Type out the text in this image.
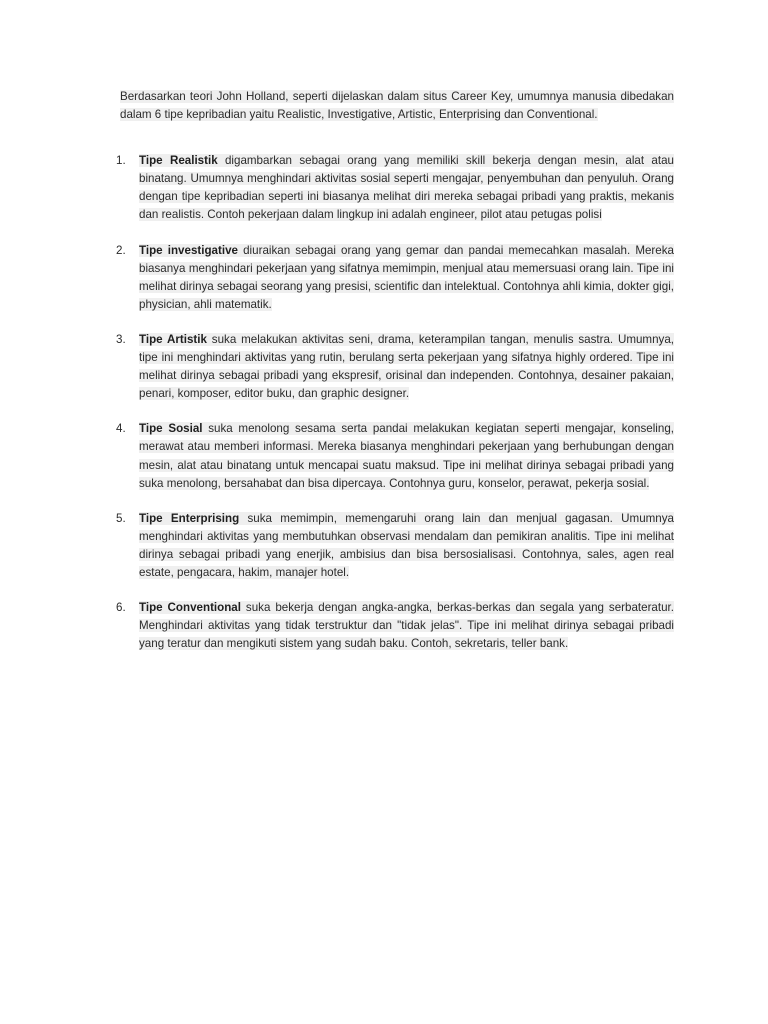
Berdasarkan teori John Holland, seperti dijelaskan dalam situs Career Key, umumnya manusia dibedakan dalam 6 tipe kepribadian yaitu Realistic, Investigative, Artistic, Enterprising dan Conventional.

1.	Tipe Realistik digambarkan sebagai orang yang memiliki skill bekerja dengan mesin, alat atau binatang. Umumnya menghindari aktivitas sosial seperti mengajar, penyembuhan dan penyuluh. Orang dengan tipe kepribadian seperti ini biasanya melihat diri mereka sebagai pribadi yang praktis, mekanis dan realistis. Contoh pekerjaan dalam lingkup ini adalah engineer, pilot atau petugas polisi
2.	Tipe investigative diuraikan sebagai orang yang gemar dan pandai memecahkan masalah. Mereka biasanya menghindari pekerjaan yang sifatnya memimpin, menjual atau memersuasi orang lain. Tipe ini melihat dirinya sebagai seorang yang presisi, scientific dan intelektual. Contohnya ahli kimia, dokter gigi, physician, ahli matematik.
3.	Tipe Artistik suka melakukan aktivitas seni, drama, keterampilan tangan, menulis sastra. Umumnya, tipe ini menghindari aktivitas yang rutin, berulang serta pekerjaan yang sifatnya highly ordered. Tipe ini melihat dirinya sebagai pribadi yang ekspresif, orisinal dan independen. Contohnya, desainer pakaian, penari, komposer, editor buku, dan graphic designer.
4.	Tipe Sosial suka menolong sesama serta pandai melakukan kegiatan seperti mengajar, konseling, merawat atau memberi informasi. Mereka biasanya menghindari pekerjaan yang berhubungan dengan mesin, alat atau binatang untuk mencapai suatu maksud. Tipe ini melihat dirinya sebagai pribadi yang suka menolong, bersahabat dan bisa dipercaya. Contohnya guru, konselor, perawat, pekerja sosial.
5.	Tipe Enterprising suka memimpin, memengaruhi orang lain dan menjual gagasan. Umumnya menghindari aktivitas yang membutuhkan observasi mendalam dan pemikiran analitis. Tipe ini melihat dirinya sebagai pribadi yang enerjik, ambisius dan bisa bersosialisasi. Contohnya, sales, agen real estate, pengacara, hakim, manajer hotel.
6.	Tipe Conventional suka bekerja dengan angka-angka, berkas-berkas dan segala yang serbateratur. Menghindari aktivitas yang tidak terstruktur dan "tidak jelas". Tipe ini melihat dirinya sebagai pribadi yang teratur dan mengikuti sistem yang sudah baku. Contoh, sekretaris, teller bank.
